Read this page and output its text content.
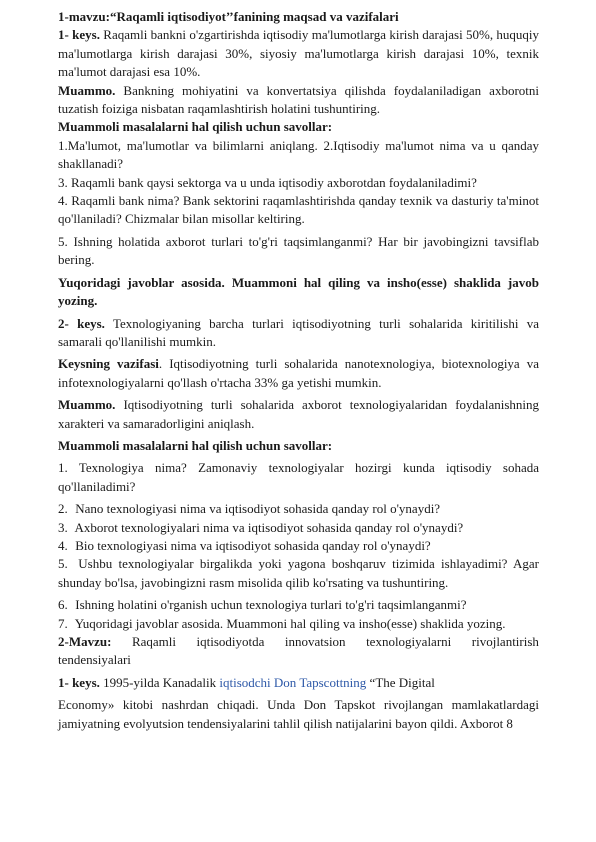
1-mavzu:“Raqamli iqtisodiyot’’fanining maqsad va vazifalari

1- keys. Raqamli bankni o'zgartirishda iqtisodiy ma'lumotlarga kirish darajasi 50%, huquqiy ma'lumotlarga kirish darajasi 30%, siyosiy ma'lumotlarga kirish darajasi 10%, texnik ma'lumot darajasi esa 10%.

Muammo. Bankning mohiyatini va konvertatsiya qilishda foydalaniladigan axborotni tuzatish foiziga nisbatan raqamlashtirish holatini tushuntiring.

Muammoli masalalarni hal qilish uchun savollar:

1.Ma'lumot, ma'lumotlar va bilimlarni aniqlang. 2.Iqtisodiy ma'lumot nima va u qanday shakllanadi?

3. Raqamli bank qaysi sektorga va u unda iqtisodiy axborotdan foydalaniladimi?

4. Raqamli bank nima? Bank sektorini raqamlashtirishda qanday texnik va dasturiy ta'minot qo'llaniladi? Chizmalar bilan misollar keltiring.

5. Ishning holatida axborot turlari to'g'ri taqsimlanganmi? Har bir javobingizni tavsiflab bering.

Yuqoridagi javoblar asosida. Muammoni hal qiling va insho(esse) shaklida javob yozing.

2- keys. Texnologiyaning barcha turlari iqtisodiyotning turli sohalarida kiritilishi va samarali qo'llanilishi mumkin.

Keysning vazifasi. Iqtisodiyotning turli sohalarida nanotexnologiya, biotexnologiya va infotexnologiyalarni qo'llash o'rtacha 33% ga yetishi mumkin.

Muammo. Iqtisodiyotning turli sohalarida axborot texnologiyalaridan foydalanishning xarakteri va samaradorligini aniqlash.

Muammoli masalalarni hal qilish uchun savollar:

1. Texnologiya nima? Zamonaviy texnologiyalar hozirgi kunda iqtisodiy sohada qo'llaniladimi?

2. Nano texnologiyasi nima va iqtisodiyot sohasida qanday rol o'ynaydi?

3. Axborot texnologiyalari nima va iqtisodiyot sohasida qanday rol o'ynaydi?

4. Bio texnologiyasi nima va iqtisodiyot sohasida qanday rol o'ynaydi?

5. Ushbu texnologiyalar birgalikda yoki yagona boshqaruv tizimida ishlayadimi? Agar shunday bo'lsa, javobingizni rasm misolida qilib ko'rsating va tushuntiring.

6. Ishning holatini o'rganish uchun texnologiya turlari to'g'ri taqsimlanganmi?

7. Yuqoridagi javoblar asosida. Muammoni hal qiling va insho(esse) shaklida yozing.

2-Mavzu: Raqamli iqtisodiyotda innovatsion texnologiyalarni rivojlantirish

tendensiyalari

1- keys. 1995-yilda Kanadalik iqtisodchi Don Tapscottning “The Digital

Economy» kitobi nashrdan chiqadi. Unda Don Tapskot rivojlangan mamlakatlardagi jamiyatning evolyutsion tendensiyalarini tahlil qilish natijalarini bayon qildi. Axborot 8
